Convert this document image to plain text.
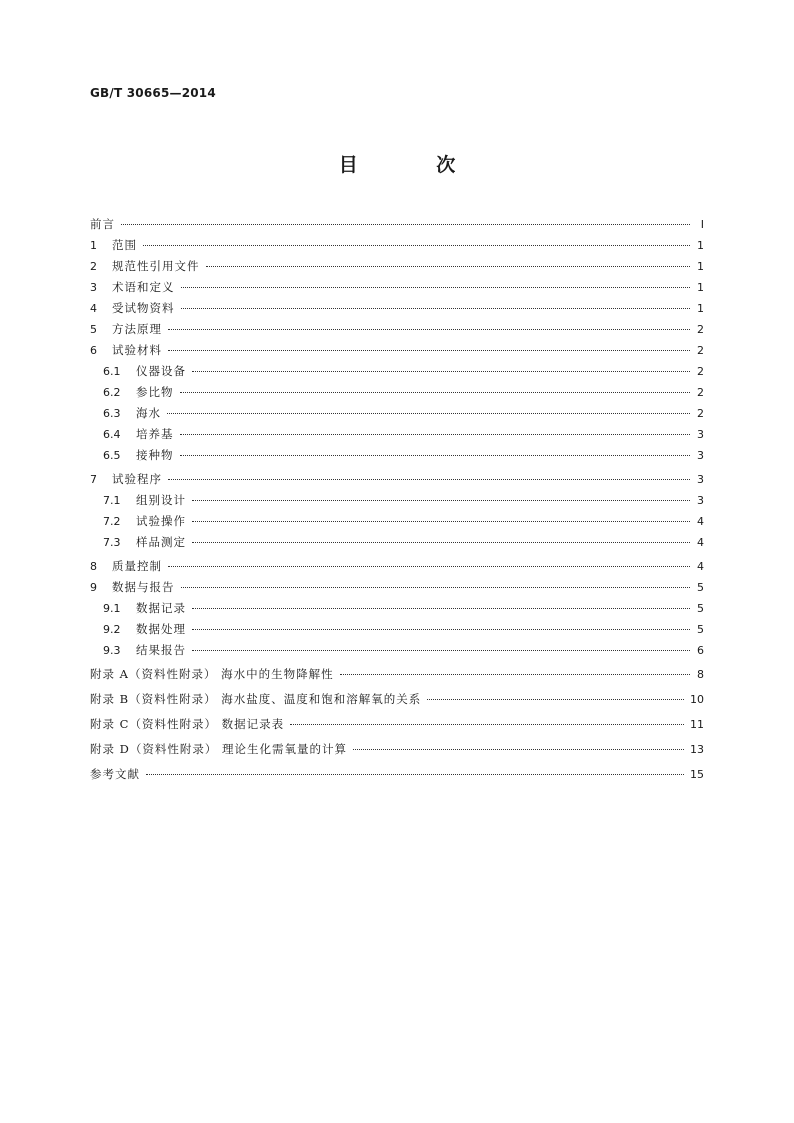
GB/T 30665—2014
目 次
前言	Ⅰ
1	范围	1
2	规范性引用文件	1
3	术语和定义	1
4	受试物资料	1
5	方法原理	2
6	试验材料	2
6.1	仪器设备	2
6.2	参比物	2
6.3	海水	2
6.4	培养基	3
6.5	接种物	3
7	试验程序	3
7.1	组别设计	3
7.2	试验操作	4
7.3	样品测定	4
8	质量控制	4
9	数据与报告	5
9.1	数据记录	5
9.2	数据处理	5
9.3	结果报告	6
附录 A（资料性附录） 海水中的生物降解性	8
附录 B（资料性附录） 海水盐度、温度和饱和溶解氧的关系	10
附录 C（资料性附录） 数据记录表	11
附录 D（资料性附录） 理论生化需氧量的计算	13
参考文献	15
